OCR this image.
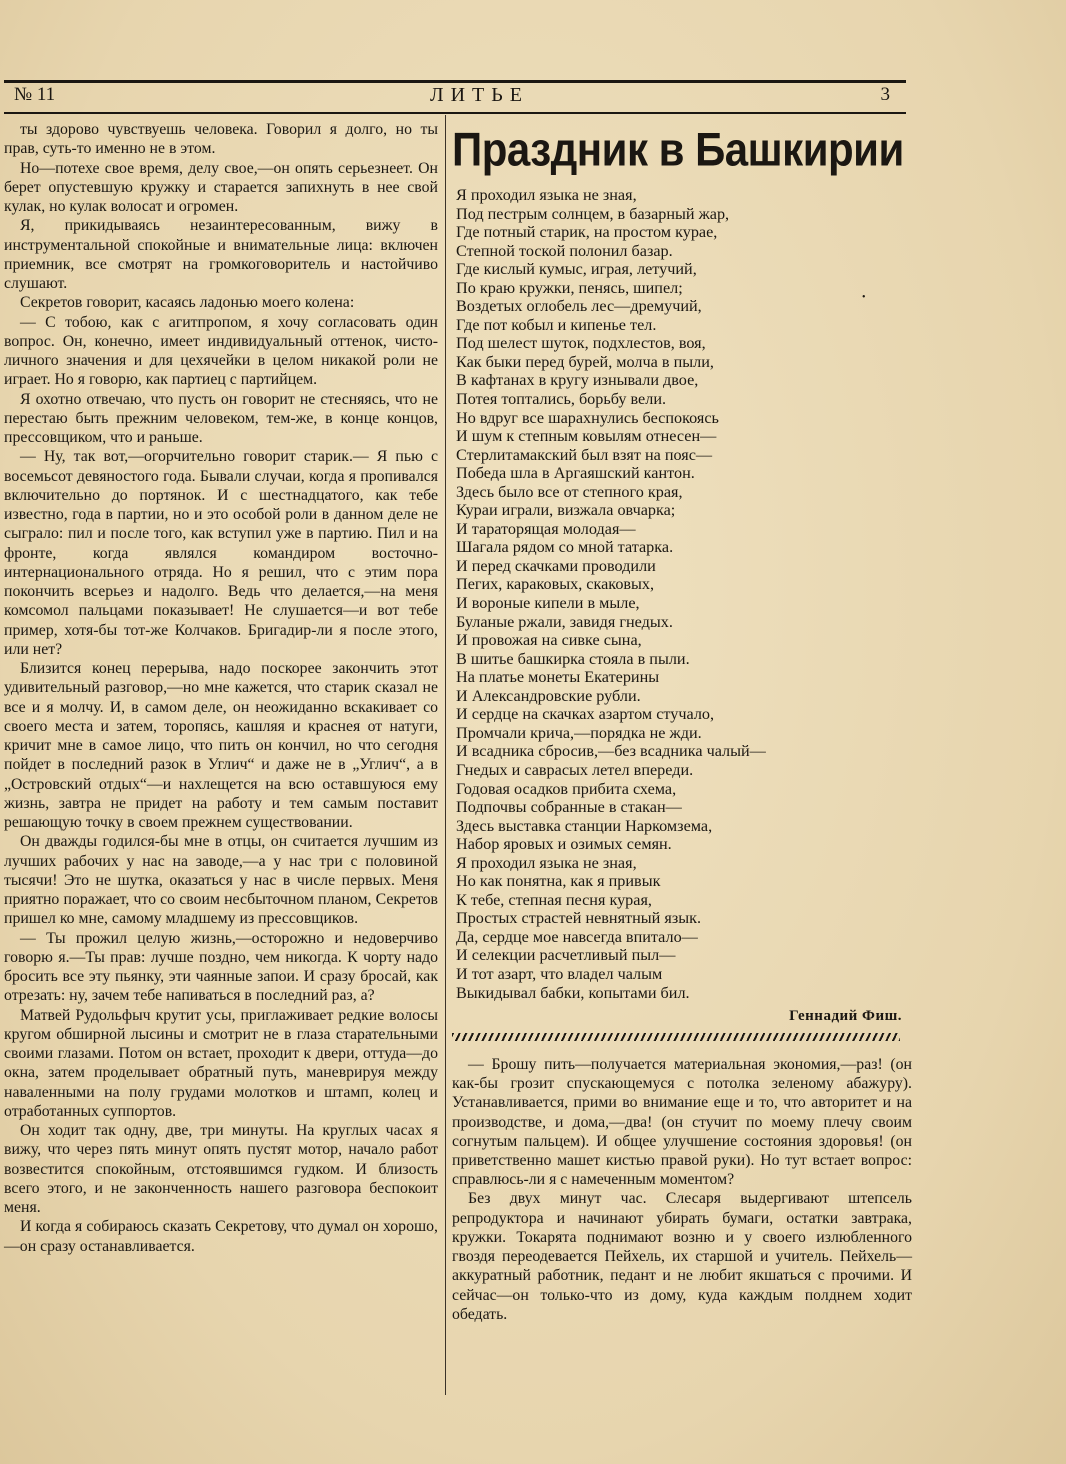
№ 11	ЛИТЬЕ	3

ты здорово чувствуешь человека. Говорил я долго, но ты прав, суть-то именно не в этом.

Но—потехе свое время, делу свое,—он опять серьезнеет. Он берет опустевшую кружку и старается запихнуть в нее свой кулак, но кулак волосат и огромен.

Я, прикидываясь незаинтересованным, вижу в инструментальной спокойные и внимательные лица: включен приемник, все смотрят на громкоговоритель и настойчиво слушают.

Секретов говорит, касаясь ладонью моего колена:

— С тобою, как с агитпропом, я хочу согласовать один вопрос. Он, конечно, имеет индивидуальный оттенок, чисто-личного значения и для цехячейки в целом никакой роли не играет. Но я говорю, как партиец с партийцем.

Я охотно отвечаю, что пусть он говорит не стесняясь, что не перестаю быть прежним человеком, тем-же, в конце концов, прессовщиком, что и раньше.

— Ну, так вот,—огорчительно говорит старик.— Я пью с восемьсот девяностого года. Бывали случаи, когда я пропивался включительно до портянок. И с шестнадцатого, как тебе известно, года в партии, но и это особой роли в данном деле не сыграло: пил и после того, как вступил уже в партию. Пил и на фронте, когда являлся командиром восточно-интернационального отряда. Но я решил, что с этим пора покончить всерьез и надолго. Ведь что делается,—на меня комсомол пальцами показывает! Не слушается—и вот тебе пример, хотя-бы тот-же Колчаков. Бригадир-ли я после этого, или нет?

Близится конец перерыва, надо поскорее закончить этот удивительный разговор,—но мне кажется, что старик сказал не все и я молчу. И, в самом деле, он неожиданно вскакивает со своего места и затем, торопясь, кашляя и краснея от натуги, кричит мне в самое лицо, что пить он кончил, но что сегодня пойдет в последний разок в Углич“ и даже не в „Углич“, а в „Островский отдых“—и нахлещется на всю оставшуюся ему жизнь, завтра не придет на работу и тем самым поставит решающую точку в своем прежнем существовании.

Он дважды годился-бы мне в отцы, он считается лучшим из лучших рабочих у нас на заводе,—а у нас три с половиной тысячи! Это не шутка, оказаться у нас в числе первых. Меня приятно поражает, что со своим несбыточном планом, Секретов пришел ко мне, самому младшему из прессовщиков.

— Ты прожил целую жизнь,—осторожно и недоверчиво говорю я.—Ты прав: лучше поздно, чем никогда. К чорту надо бросить все эту пьянку, эти чаянные запои. И сразу бросай, как отрезать: ну, зачем тебе напиваться в последний раз, а?

Матвей Рудольфыч крутит усы, приглаживает редкие волосы кругом обширной лысины и смотрит не в глаза старательными своими глазами. Потом он встает, проходит к двери, оттуда—до окна, затем проделывает обратный путь, маневрируя между наваленными на полу грудами молотков и штамп, колец и отработанных суппортов.

Он ходит так одну, две, три минуты. На круглых часах я вижу, что через пять минут опять пустят мотор, начало работ возвестится спокойным, отстоявшимся гудком. И близость всего этого, и не законченность нашего разговора беспокоит меня.

И когда я собираюсь сказать Секретову, что думал он хорошо,—он сразу останавливается.

Праздник в Башкирии
Я проходил языка не зная,
Под пестрым солнцем, в базарный жар,
Где потный старик, на простом курае,
Степной тоской полонил базар.
Где кислый кумыс, играя, летучий,
По краю кружки, пенясь, шипел;
Воздетых оглобель лес—дремучий,
Где пот кобыл и кипенье тел.
Под шелест шуток, подхлестов, воя,
Как быки перед бурей, молча в пыли,
В кафтанах в кругу изнывали двое,
Потея топтались, борьбу вели.
Но вдруг все шарахнулись беспокоясь
И шум к степным ковылям отнесен—
Стерлитамакский был взят на пояс—
Победа шла в Аргаяшский кантон.
Здесь было все от степного края,
Кураи играли, визжала овчарка;
И тараторящая молодая—
Шагала рядом со мной татарка.
И перед скачками проводили
Пегих, караковых, скаковых,
И вороные кипели в мыле,
Буланые ржали, завидя гнедых.
И провожая на сивке сына,
В шитье башкирка стояла в пыли.
На платье монеты Екатерины
И Александровские рубли.
И сердце на скачках азартом стучало,
Промчали крича,—порядка не жди.
И всадника сбросив,—без всадника чалый—
Гнедых и саврасых летел впереди.
Годовая осадков прибита схема,
Подпочвы собранные в стакан—
Здесь выставка станции Наркомзема,
Набор яровых и озимых семян.
Я проходил языка не зная,
Но как понятна, как я привык
К тебе, степная песня курая,
Простых страстей невнятный язык.
Да, сердце мое навсегда впитало—
И селекции расчетливый пыл—
И тот азарт, что владел чалым
Выкидывал бабки, копытами бил.
Геннадий Фиш.

— Брошу пить—получается материальная экономия,—раз! (он как-бы грозит спускающемуся с потолка зеленому абажуру). Устанавливается, прими во внимание еще и то, что авторитет и на производстве, и дома,—два! (он стучит по моему плечу своим согнутым пальцем). И общее улучшение состояния здоровья! (он приветственно машет кистью правой руки). Но тут встает вопрос: справлюсь-ли я с намеченным моментом?

Без двух минут час. Слесаря выдергивают штепсель репродуктора и начинают убирать бумаги, остатки завтрака, кружки. Токарята поднимают возню и у своего излюбленного гвоздя переодевается Пейхель, их старшой и учитель. Пейхель—аккуратный работник, педант и не любит якшаться с прочими. И сейчас—он только-что из дому, куда каждым полднем ходит обедать.

•
